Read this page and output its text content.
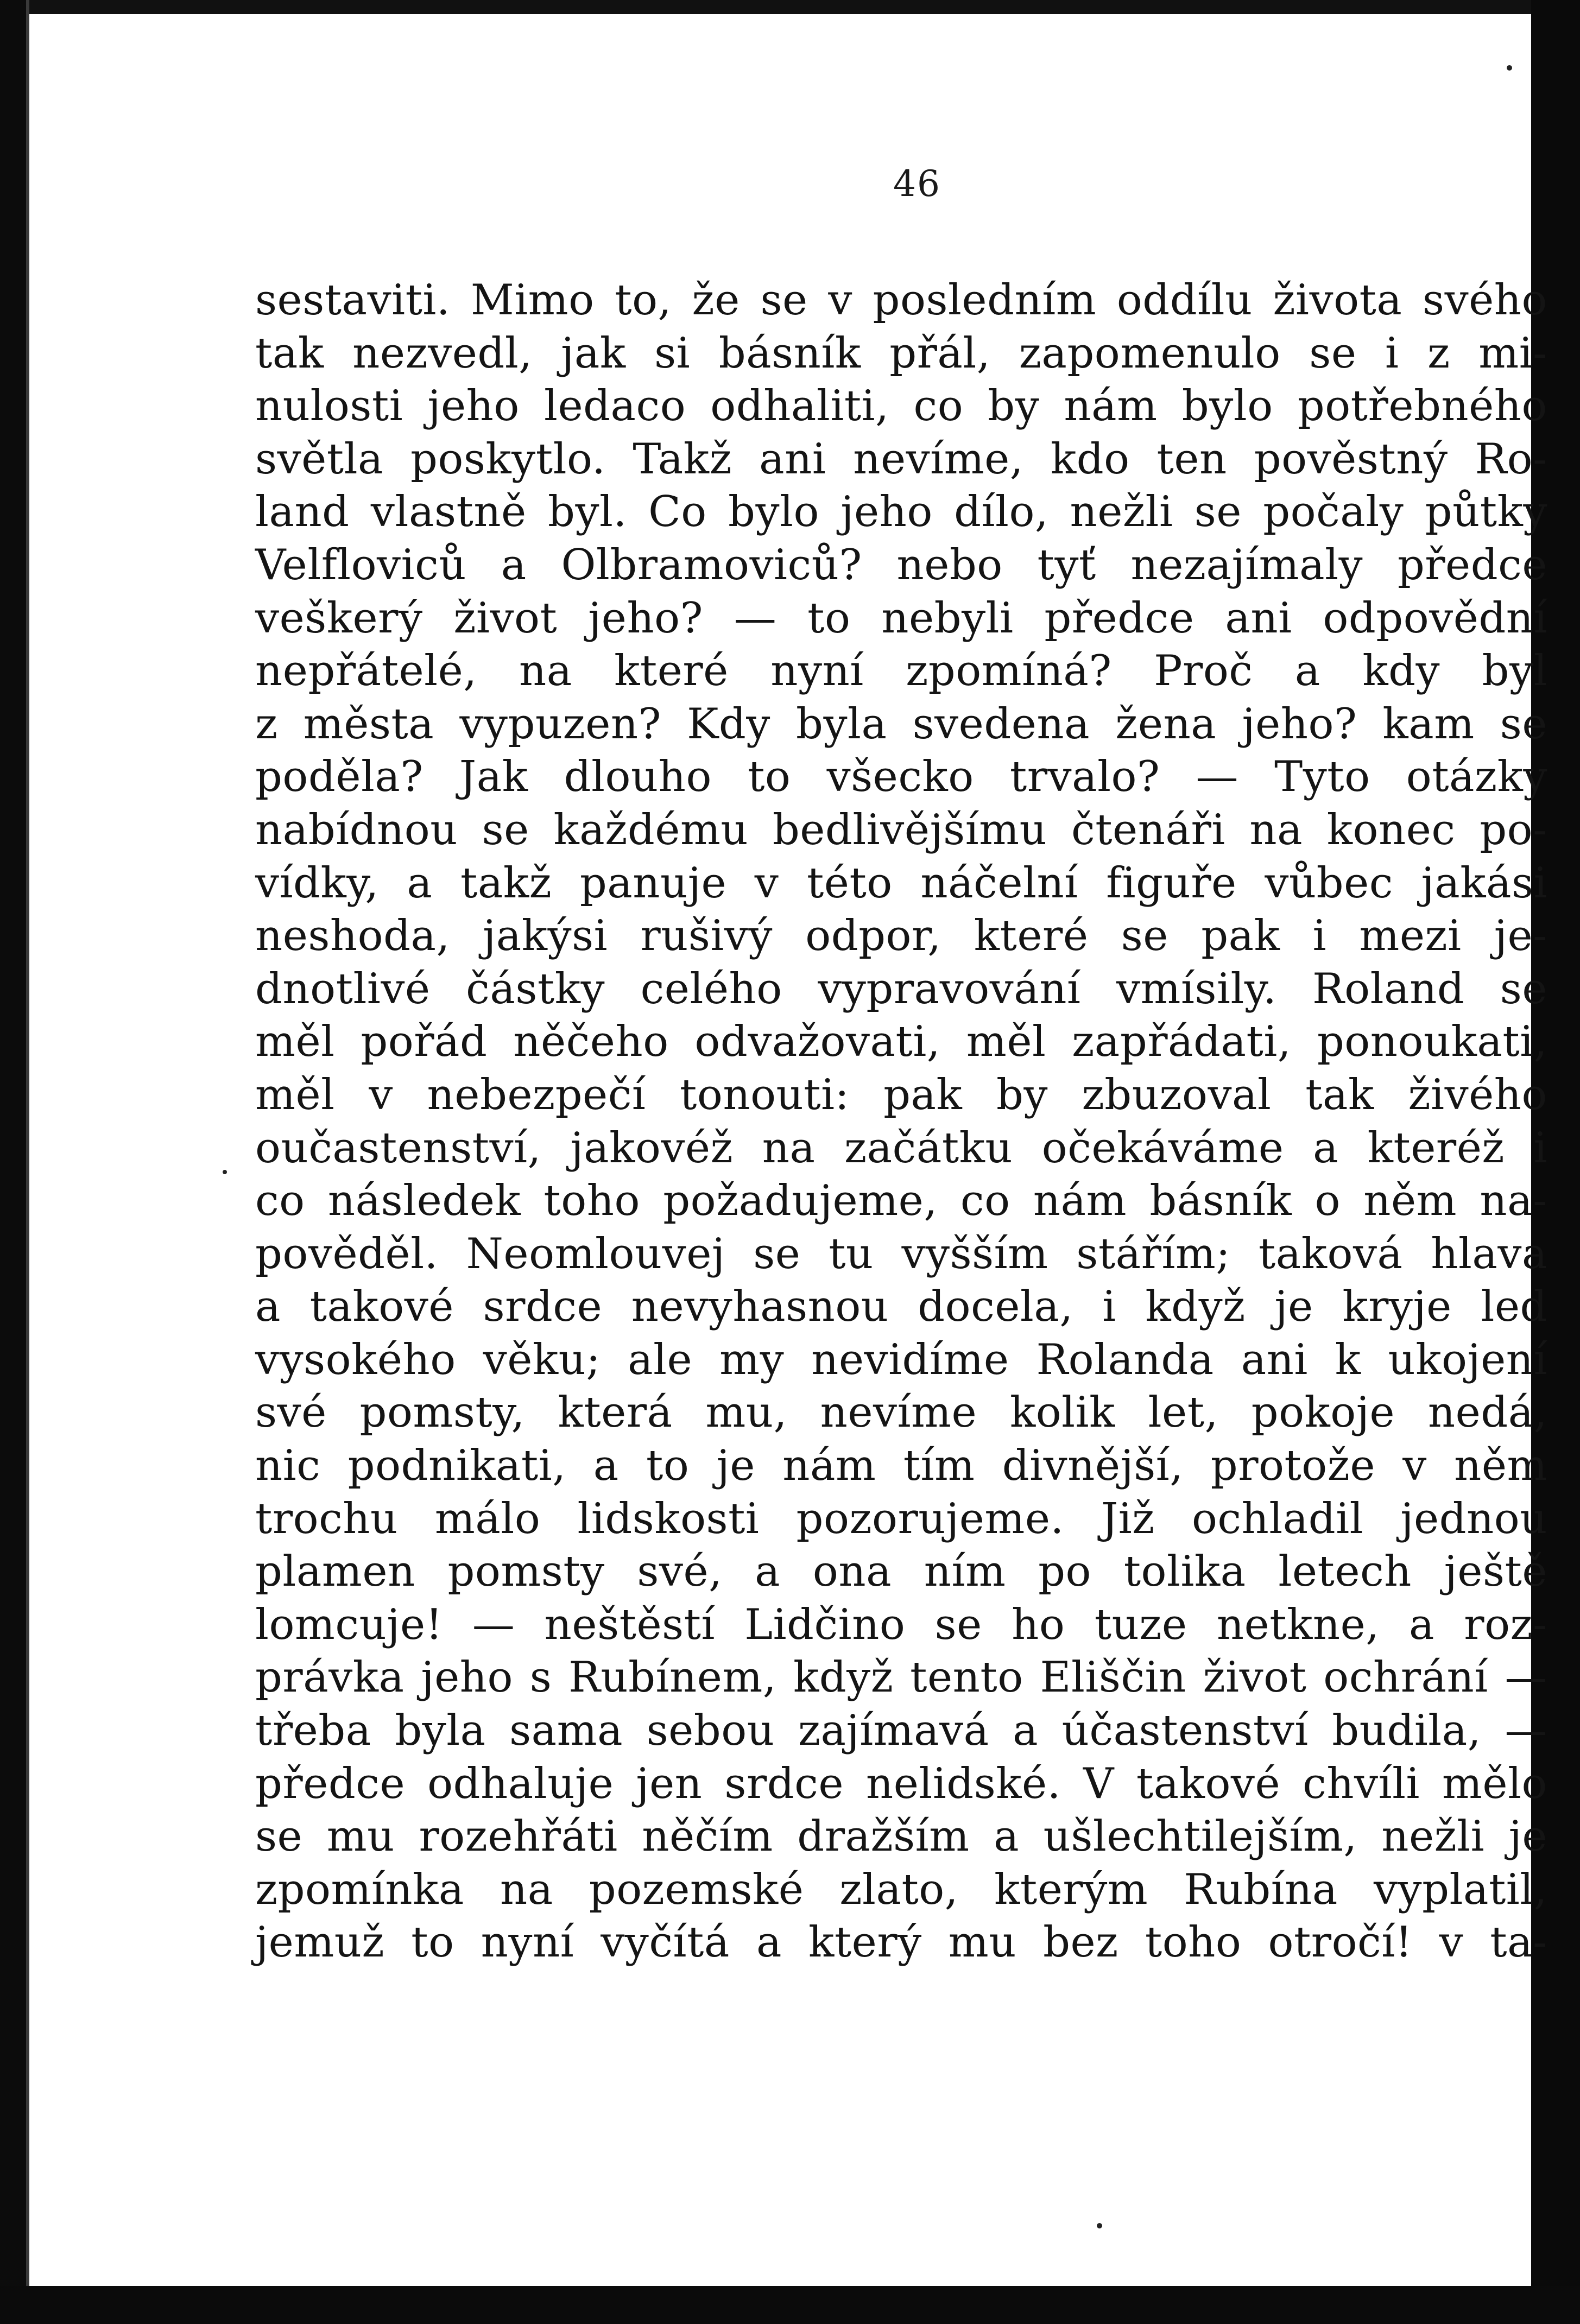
46
sestaviti. Mimo to, že se v posledním oddílu života svého
tak nezvedl, jak si básník přál, zapomenulo se i z mi-
nulosti jeho ledaco odhaliti, co by nám bylo potřebného
světla poskytlo. Takž ani nevíme, kdo ten pověstný Ro-
land vlastně byl. Co bylo jeho dílo, nežli se počaly půtky
Velfloviců a Olbramoviců? nebo tyť nezajímaly předce
veškerý život jeho? — to nebyli předce ani odpovědní
nepřátelé, na které nyní zpomíná? Proč a kdy byl
z města vypuzen? Kdy byla svedena žena jeho? kam se
poděla? Jak dlouho to všecko trvalo? — Tyto otázky
nabídnou se každému bedlivějšímu čtenáři na konec po-
vídky, a takž panuje v této náčelní figuře vůbec jakási
neshoda, jakýsi rušivý odpor, které se pak i mezi je-
dnotlivé částky celého vypravování vmísily. Roland se
měl pořád něčeho odvažovati, měl zapřádati, ponoukati,
měl v nebezpečí tonouti: pak by zbuzoval tak živého
oučastenství, jakovéž na začátku očekáváme a kteréž i
co následek toho požadujeme, co nám básník o něm na-
pověděl. Neomlouvej se tu vyšším stářím; taková hlava
a takové srdce nevyhasnou docela, i když je kryje led
vysokého věku; ale my nevidíme Rolanda ani k ukojení
své pomsty, která mu, nevíme kolik let, pokoje nedá,
nic podnikati, a to je nám tím divnější, protože v něm
trochu málo lidskosti pozorujeme. Již ochladil jednou
plamen pomsty své, a ona ním po tolika letech ještě
lomcuje! — neštěstí Lidčino se ho tuze netkne, a roz-
právka jeho s Rubínem, když tento Eliščin život ochrání —
třeba byla sama sebou zajímavá a účastenství budila, —
předce odhaluje jen srdce nelidské. V takové chvíli mělo
se mu rozehřáti něčím dražším a ušlechtilejším, nežli je
zpomínka na pozemské zlato, kterým Rubína vyplatil,
jemuž to nyní vyčítá a který mu bez toho otročí! v ta-
